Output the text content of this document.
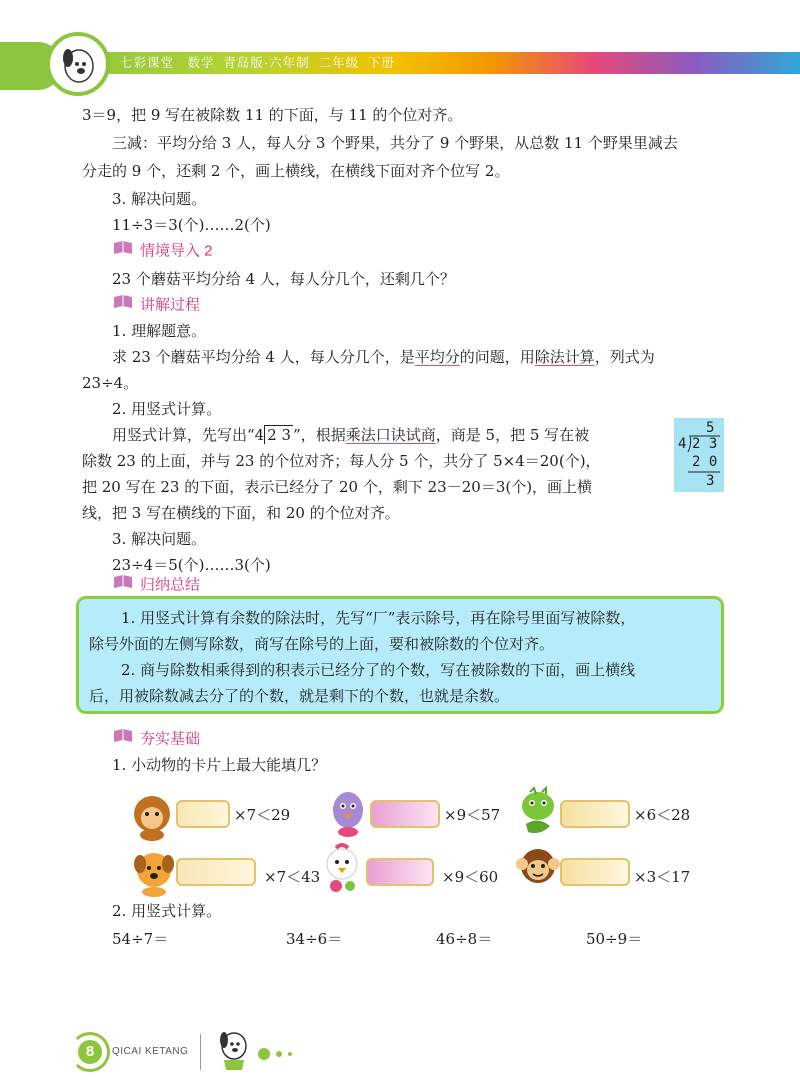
七彩课堂 数学 青岛版·六年制 二年级 下册
3＝9，把 9 写在被除数 11 的下面，与 11 的个位对齐。
三减：平均分给 3 人，每人分 3 个野果，共分了 9 个野果，从总数 11 个野果里减去
分走的 9 个，还剩 2 个，画上横线，在横线下面对齐个位写 2。
3. 解决问题。
11÷3＝3(个)……2(个)
情境导入 2
23 个蘑菇平均分给 4 人，每人分几个，还剩几个？
讲解过程
1. 理解题意。
求 23 个蘑菇平均分给 4 人，每人分几个，是平均分的问题，用除法计算，列式为
23÷4。
2. 用竖式计算。
用竖式计算，先写出“4 2 3 ”，根据乘法口诀试商，商是 5，把 5 写在被
除数 23 的上面，并与 23 的个位对齐；每人分 5 个，共分了 5×4＝20(个)，
把 20 写在 23 的下面，表示已经分了 20 个，剩下 23－20＝3(个)，画上横
线，把 3 写在横线的下面，和 20 的个位对齐。
5
4 2 3
2 0
3
3. 解决问题。
23÷4＝5(个)……3(个)
归纳总结
1. 用竖式计算有余数的除法时，先写“厂”表示除号，再在除号里面写被除数，
除号外面的左侧写除数，商写在除号的上面，要和被除数的个位对齐。
2. 商与除数相乘得到的积表示已经分了的个数，写在被除数的下面，画上横线
后，用被除数减去分了的个数，就是剩下的个数，也就是余数。
夯实基础
1. 小动物的卡片上最大能填几？
×7＜29	×9＜57	×6＜28
×7＜43	×9＜60	×3＜17
2. 用竖式计算。
54÷7＝	34÷6＝	46÷8＝	50÷9＝
8	QICAI KETANG
